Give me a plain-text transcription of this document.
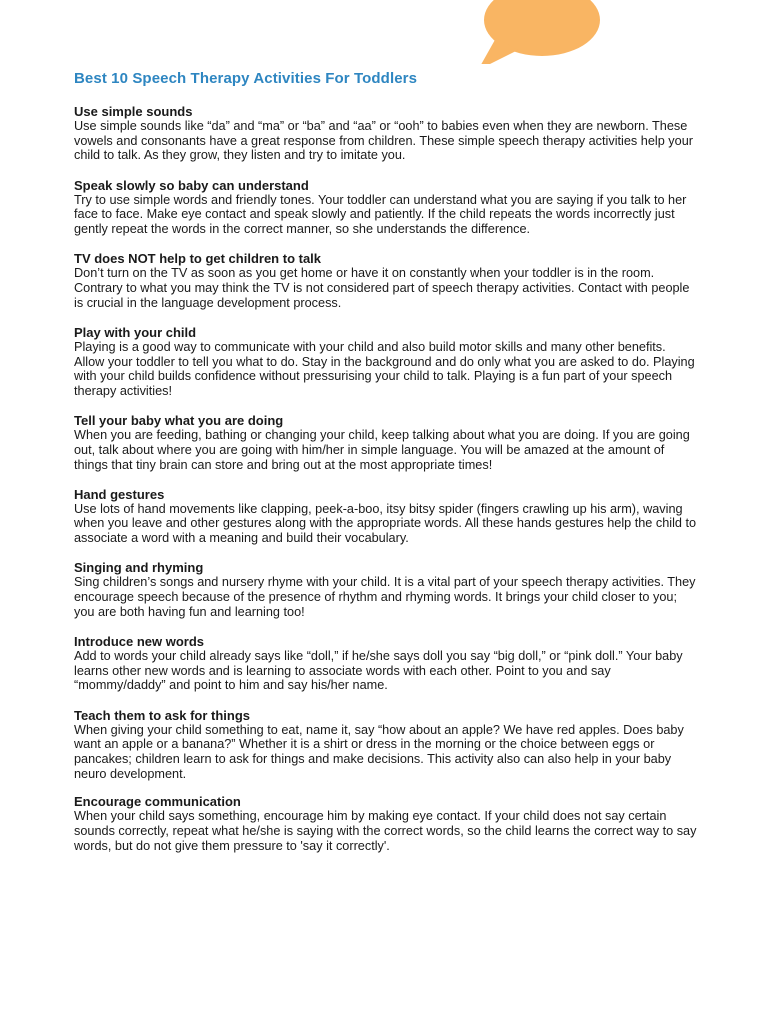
Best 10 Speech Therapy Activities For Toddlers
Use simple sounds

Use simple sounds like “da” and “ma” or “ba” and “aa” or “ooh” to babies even when they are newborn. These vowels and consonants have a great response from children. These simple speech therapy activities help your child to talk. As they grow, they listen and try to imitate you.

Speak slowly so baby can understand

Try to use simple words and friendly tones. Your toddler can understand what you are saying if you talk to her face to face. Make eye contact and speak slowly and patiently. If the child repeats the words incorrectly just gently repeat the words in the correct manner, so she understands the difference.

TV does NOT help to get children to talk

Don’t turn on the TV as soon as you get home or have it on constantly when your toddler is in the room. Contrary to what you may think the TV is not considered part of speech therapy activities. Contact with people is crucial in the language development process.

Play with your child

Playing is a good way to communicate with your child and also build motor skills and many other benefits. Allow your toddler to tell you what to do. Stay in the background and do only what you are asked to do. Playing with your child builds confidence without pressurising your child to talk. Playing is a fun part of your speech therapy activities!

Tell your baby what you are doing

When you are feeding, bathing or changing your child, keep talking about what you are doing. If you are going out, talk about where you are going with him/her in simple language. You will be amazed at the amount of things that tiny brain can store and bring out at the most appropriate times!

Hand gestures

Use lots of hand movements like clapping, peek-a-boo, itsy bitsy spider (fingers crawling up his arm), waving when you leave and other gestures along with the appropriate words. All these hands gestures help the child to associate a word with a meaning and build their vocabulary.

Singing and rhyming

Sing children’s songs and nursery rhyme with your child. It is a vital part of your speech therapy activities. They encourage speech because of the presence of rhythm and rhyming words. It brings your child closer to you; you are both having fun and learning too!

Introduce new words

Add to words your child already says like “doll,” if he/she says doll you say “big doll,” or “pink doll.” Your baby learns other new words and is learning to associate words with each other. Point to you and say “mommy/daddy” and point to him and say his/her name.

Teach them to ask for things

When giving your child something to eat, name it, say “how about an apple? We have red apples. Does baby want an apple or a banana?” Whether it is a shirt or dress in the morning or the choice between eggs or pancakes; children learn to ask for things and make decisions. This activity also can also help in your baby neuro development.

Encourage communication

When your child says something, encourage him by making eye contact. If your child does not say certain sounds correctly, repeat what he/she is saying with the correct words, so the child learns the correct way to say words, but do not give them pressure to 'say it correctly'.
